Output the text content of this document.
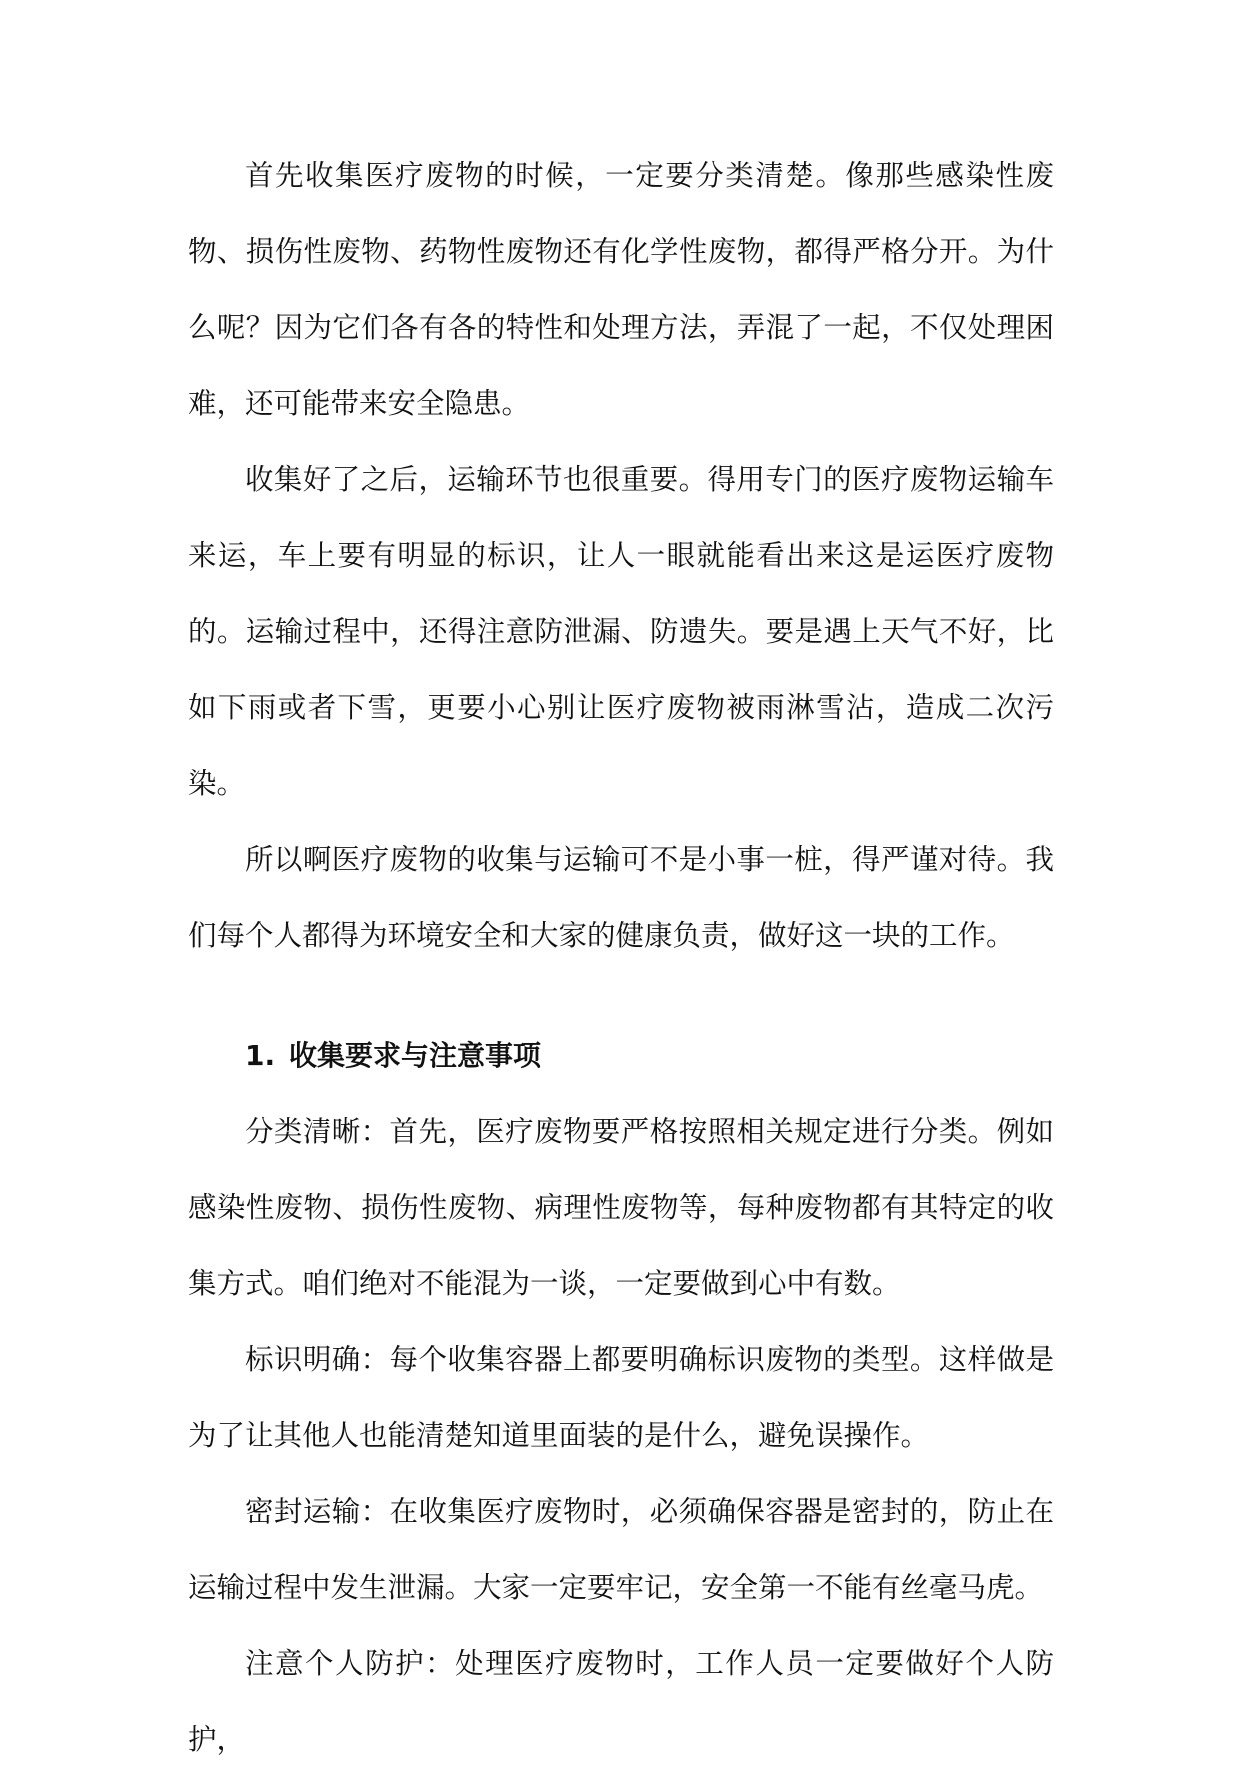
首先收集医疗废物的时候，一定要分类清楚。像那些感染性废物、损伤性废物、药物性废物还有化学性废物，都得严格分开。为什么呢？因为它们各有各的特性和处理方法，弄混了一起，不仅处理困难，还可能带来安全隐患。

收集好了之后，运输环节也很重要。得用专门的医疗废物运输车来运，车上要有明显的标识，让人一眼就能看出来这是运医疗废物的。运输过程中，还得注意防泄漏、防遗失。要是遇上天气不好，比如下雨或者下雪，更要小心别让医疗废物被雨淋雪沾，造成二次污染。

所以啊医疗废物的收集与运输可不是小事一桩，得严谨对待。我们每个人都得为环境安全和大家的健康负责，做好这一块的工作。

1. 收集要求与注意事项

分类清晰：首先，医疗废物要严格按照相关规定进行分类。例如感染性废物、损伤性废物、病理性废物等，每种废物都有其特定的收集方式。咱们绝对不能混为一谈，一定要做到心中有数。

标识明确：每个收集容器上都要明确标识废物的类型。这样做是为了让其他人也能清楚知道里面装的是什么，避免误操作。

密封运输：在收集医疗废物时，必须确保容器是密封的，防止在运输过程中发生泄漏。大家一定要牢记，安全第一不能有丝毫马虎。

注意个人防护：处理医疗废物时，工作人员一定要做好个人防护，
